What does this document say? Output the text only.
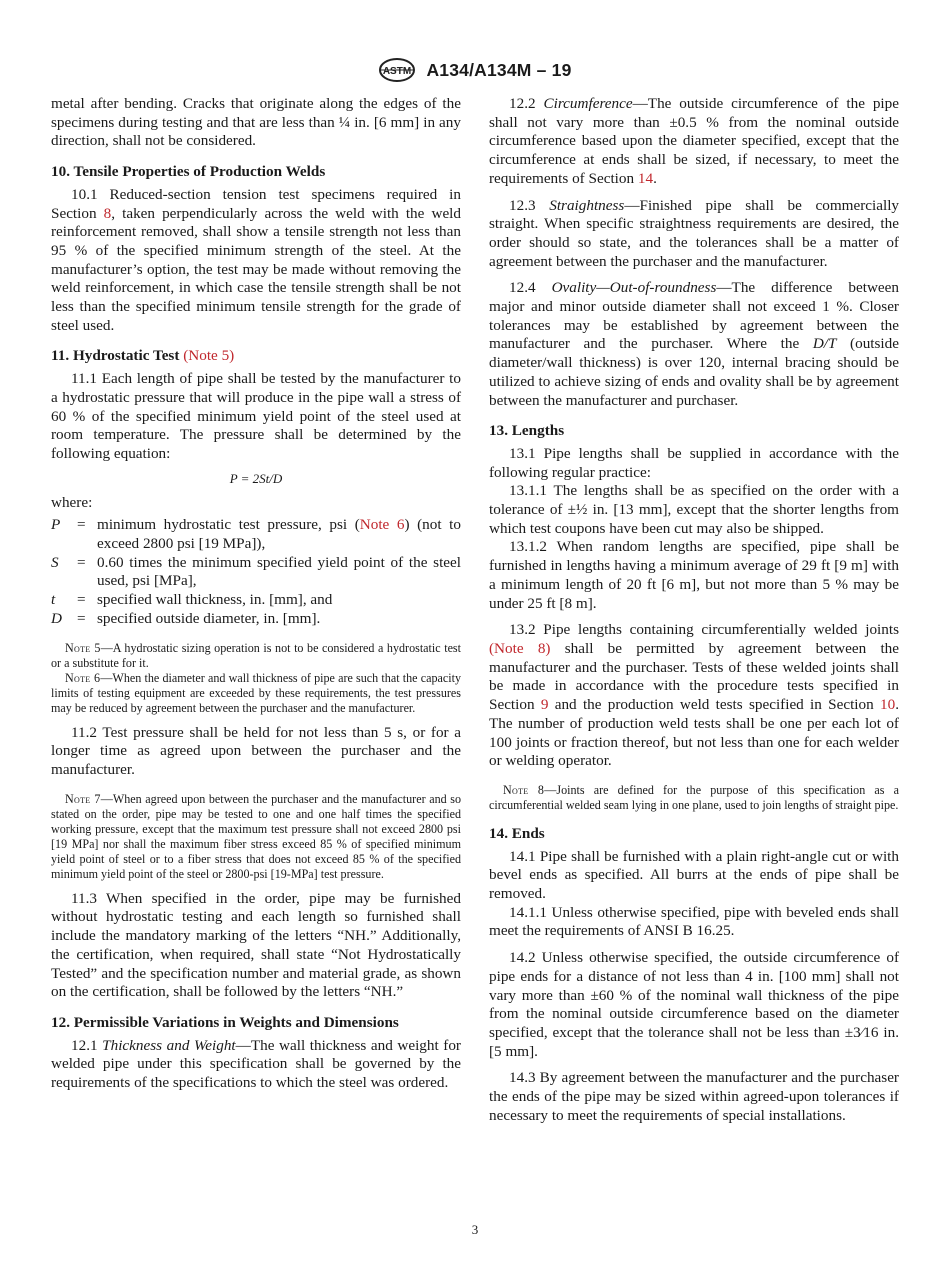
ASTM A134/A134M – 19

metal after bending. Cracks that originate along the edges of the specimens during testing and that are less than ¼ in. [6 mm] in any direction, shall not be considered.

10. Tensile Properties of Production Welds

10.1 Reduced-section tension test specimens required in Section 8, taken perpendicularly across the weld with the weld reinforcement removed, shall show a tensile strength not less than 95 % of the specified minimum strength of the steel. At the manufacturer’s option, the test may be made without removing the weld reinforcement, in which case the tensile strength shall be not less than the specified minimum tensile strength for the grade of steel used.

11. Hydrostatic Test (Note 5)

11.1 Each length of pipe shall be tested by the manufacturer to a hydrostatic pressure that will produce in the pipe wall a stress of 60 % of the specified minimum yield point of the steel used at room temperature. The pressure shall be determined by the following equation:

P = 2St/D

where:

P	= minimum hydrostatic test pressure, psi (Note 6) (not to exceed 2800 psi [19 MPa]),
S	= 0.60 times the minimum specified yield point of the steel used, psi [MPa],
t	= specified wall thickness, in. [mm], and
D = specified outside diameter, in. [mm].

Note 5—A hydrostatic sizing operation is not to be considered a hydrostatic test or a substitute for it.

Note 6—When the diameter and wall thickness of pipe are such that the capacity limits of testing equipment are exceeded by these requirements, the test pressures may be reduced by agreement between the purchaser and the manufacturer.

11.2 Test pressure shall be held for not less than 5 s, or for a longer time as agreed upon between the purchaser and the manufacturer.

Note 7—When agreed upon between the purchaser and the manufacturer and so stated on the order, pipe may be tested to one and one half times the specified working pressure, except that the maximum test pressure shall not exceed 2800 psi [19 MPa] nor shall the maximum fiber stress exceed 85 % of specified minimum yield point of steel or to a fiber stress that does not exceed 85 % of the specified minimum yield point of the steel or 2800-psi [19-MPa] test pressure.

11.3 When specified in the order, pipe may be furnished without hydrostatic testing and each length so furnished shall include the mandatory marking of the letters “NH.” Additionally, the certification, when required, shall state “Not Hydrostatically Tested” and the specification number and material grade, as shown on the certification, shall be followed by the letters “NH.”

12. Permissible Variations in Weights and Dimensions

12.1 Thickness and Weight—The wall thickness and weight for welded pipe under this specification shall be governed by the requirements of the specifications to which the steel was ordered.

12.2 Circumference—The outside circumference of the pipe shall not vary more than ±0.5 % from the nominal outside circumference based upon the diameter specified, except that the circumference at ends shall be sized, if necessary, to meet the requirements of Section 14.

12.3 Straightness—Finished pipe shall be commercially straight. When specific straightness requirements are desired, the order should so state, and the tolerances shall be a matter of agreement between the purchaser and the manufacturer.

12.4 Ovality—Out-of-roundness—The difference between major and minor outside diameter shall not exceed 1 %. Closer tolerances may be established by agreement between the manufacturer and the purchaser. Where the D/T (outside diameter/wall thickness) is over 120, internal bracing should be utilized to achieve sizing of ends and ovality shall be by agreement between the manufacturer and purchaser.

13. Lengths

13.1 Pipe lengths shall be supplied in accordance with the following regular practice:

13.1.1 The lengths shall be as specified on the order with a tolerance of ±½ in. [13 mm], except that the shorter lengths from which test coupons have been cut may also be shipped.

13.1.2 When random lengths are specified, pipe shall be furnished in lengths having a minimum average of 29 ft [9 m] with a minimum length of 20 ft [6 m], but not more than 5 % may be under 25 ft [8 m].

13.2 Pipe lengths containing circumferentially welded joints (Note 8) shall be permitted by agreement between the manufacturer and the purchaser. Tests of these welded joints shall be made in accordance with the procedure tests specified in Section 9 and the production weld tests specified in Section 10. The number of production weld tests shall be one per each lot of 100 joints or fraction thereof, but not less than one for each welder or welding operator.

Note 8—Joints are defined for the purpose of this specification as a circumferential welded seam lying in one plane, used to join lengths of straight pipe.

14. Ends

14.1 Pipe shall be furnished with a plain right-angle cut or with bevel ends as specified. All burrs at the ends of pipe shall be removed.

14.1.1 Unless otherwise specified, pipe with beveled ends shall meet the requirements of ANSI B 16.25.

14.2 Unless otherwise specified, the outside circumference of pipe ends for a distance of not less than 4 in. [100 mm] shall not vary more than ±60 % of the nominal wall thickness of the pipe from the nominal outside circumference based on the diameter specified, except that the tolerance shall not be less than ±3⁄16 in. [5 mm].

14.3 By agreement between the manufacturer and the purchaser the ends of the pipe may be sized within agreed-upon tolerances if necessary to meet the requirements of special installations.

3
